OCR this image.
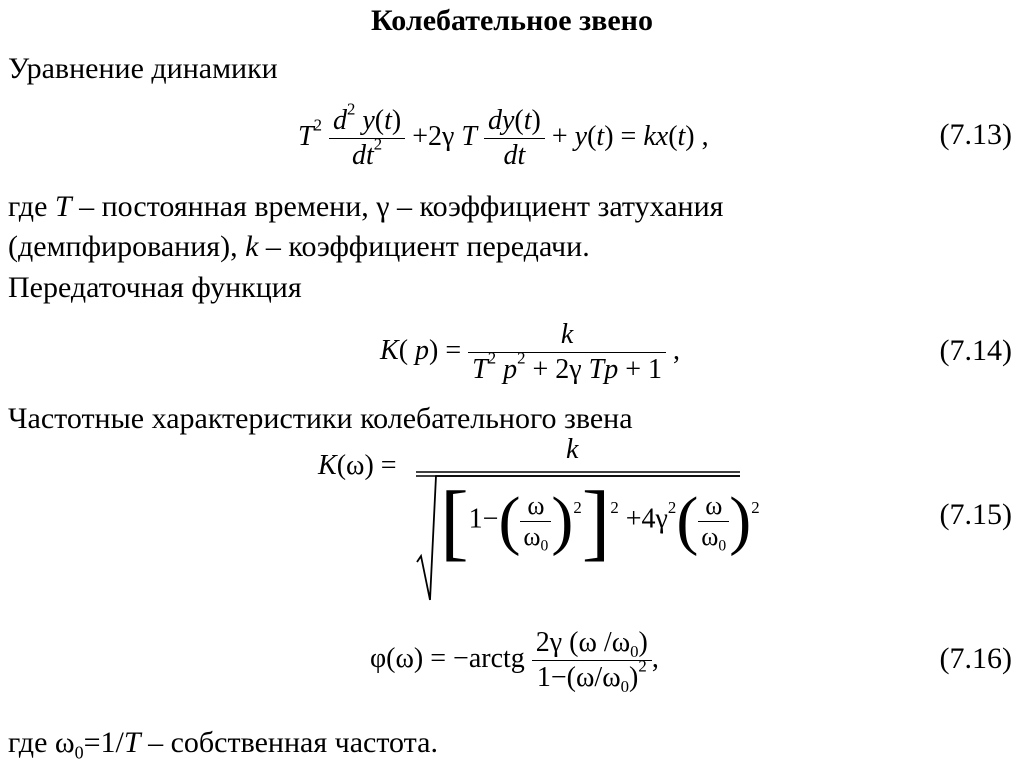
Колебательное звено
Уравнение динамики
$T^2 \frac{d^2 y(t)}{dt^2} +2\gamma$ T $\frac{dy(t)}{dt} + y(t) = kx(t)$ ,	(7.13)
где T – постоянная времени, γ – коэффициент затухания
(демпфирования), k – коэффициент передачи.
Передаточная функция
K( $p) = \frac{k}{T^2 p^2 + 2\gamma Tp + 1}$ ,	(7.14)
Частотные характеристики колебательного звена
K(ω) =
k
$[1-( \frac{\omega}{\omega_0} )^2]^2 +4\gamma^2( \frac{\omega}{\omega_0} )^2$	(7.15)
φ(ω) = −arctg $\frac{2\gamma (\omega /\omega_0)}{1-(\omega/\omega_0)^2}$ ,	(7.16)
где $\omega_0=1/T$ – собственная частота.
